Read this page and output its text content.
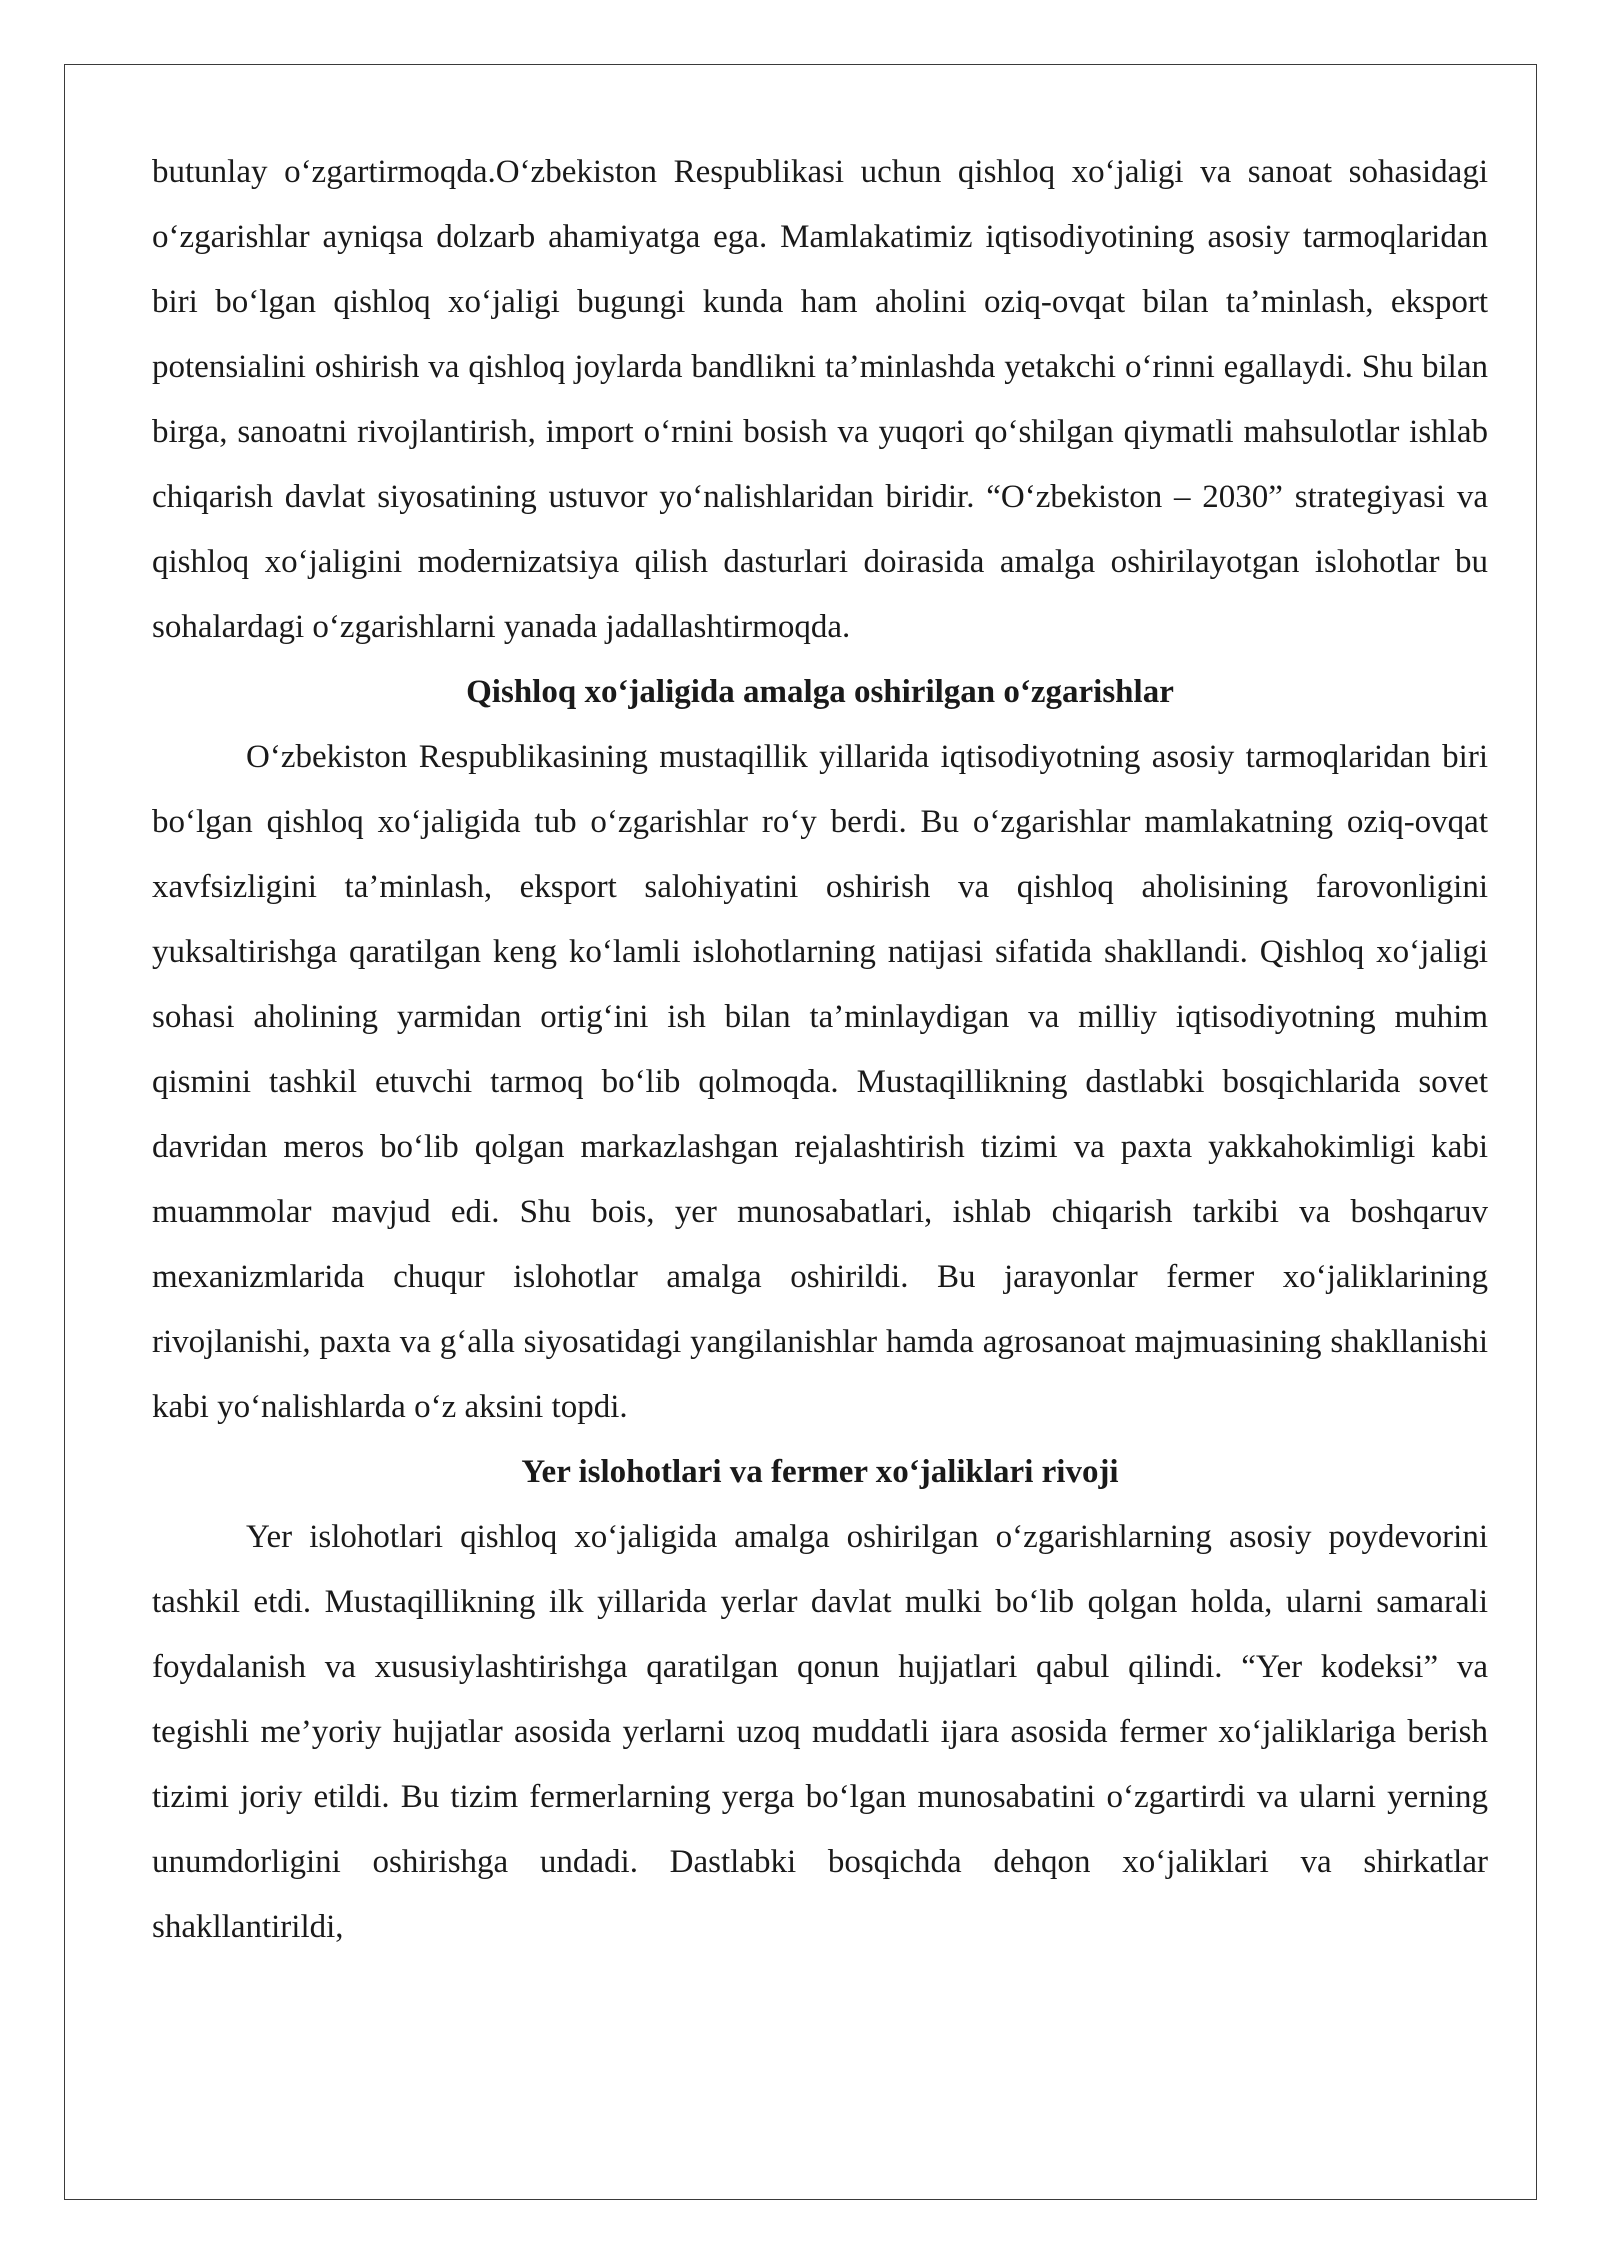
butunlay o‘zgartirmoqda.O‘zbekiston Respublikasi uchun qishloq xo‘jaligi va sanoat sohasidagi o‘zgarishlar ayniqsa dolzarb ahamiyatga ega. Mamlakatimiz iqtisodiyotining asosiy tarmoqlaridan biri bo‘lgan qishloq xo‘jaligi bugungi kunda ham aholini oziq-ovqat bilan ta’minlash, eksport potensialini oshirish va qishloq joylarda bandlikni ta’minlashda yetakchi o‘rinni egallaydi. Shu bilan birga, sanoatni rivojlantirish, import o‘rnini bosish va yuqori qo‘shilgan qiymatli mahsulotlar ishlab chiqarish davlat siyosatining ustuvor yo‘nalishlaridan biridir. “O‘zbekiston – 2030” strategiyasi va qishloq xo‘jaligini modernizatsiya qilish dasturlari doirasida amalga oshirilayotgan islohotlar bu sohalardagi o‘zgarishlarni yanada jadallashtirmoqda.

Qishloq xo‘jaligida amalga oshirilgan o‘zgarishlar

O‘zbekiston Respublikasining mustaqillik yillarida iqtisodiyotning asosiy tarmoqlaridan biri bo‘lgan qishloq xo‘jaligida tub o‘zgarishlar ro‘y berdi. Bu o‘zgarishlar mamlakatning oziq-ovqat xavfsizligini ta’minlash, eksport salohiyatini oshirish va qishloq aholisining farovonligini yuksaltirishga qaratilgan keng ko‘lamli islohotlarning natijasi sifatida shakllandi. Qishloq xo‘jaligi sohasi aholining yarmidan ortig‘ini ish bilan ta’minlaydigan va milliy iqtisodiyotning muhim qismini tashkil etuvchi tarmoq bo‘lib qolmoqda. Mustaqillikning dastlabki bosqichlarida sovet davridan meros bo‘lib qolgan markazlashgan rejalashtirish tizimi va paxta yakkahokimligi kabi muammolar mavjud edi. Shu bois, yer munosabatlari, ishlab chiqarish tarkibi va boshqaruv mexanizmlarida chuqur islohotlar amalga oshirildi. Bu jarayonlar fermer xo‘jaliklarining rivojlanishi, paxta va g‘alla siyosatidagi yangilanishlar hamda agrosanoat majmuasining shakllanishi kabi yo‘nalishlarda o‘z aksini topdi.

Yer islohotlari va fermer xo‘jaliklari rivoji

Yer islohotlari qishloq xo‘jaligida amalga oshirilgan o‘zgarishlarning asosiy poydevorini tashkil etdi. Mustaqillikning ilk yillarida yerlar davlat mulki bo‘lib qolgan holda, ularni samarali foydalanish va xususiylashtirishga qaratilgan qonun hujjatlari qabul qilindi. “Yer kodeksi” va tegishli me’yoriy hujjatlar asosida yerlarni uzoq muddatli ijara asosida fermer xo‘jaliklariga berish tizimi joriy etildi. Bu tizim fermerlarning yerga bo‘lgan munosabatini o‘zgartirdi va ularni yerning unumdorligini oshirishga undadi. Dastlabki bosqichda dehqon xo‘jaliklari va shirkatlar shakllantirildi,
